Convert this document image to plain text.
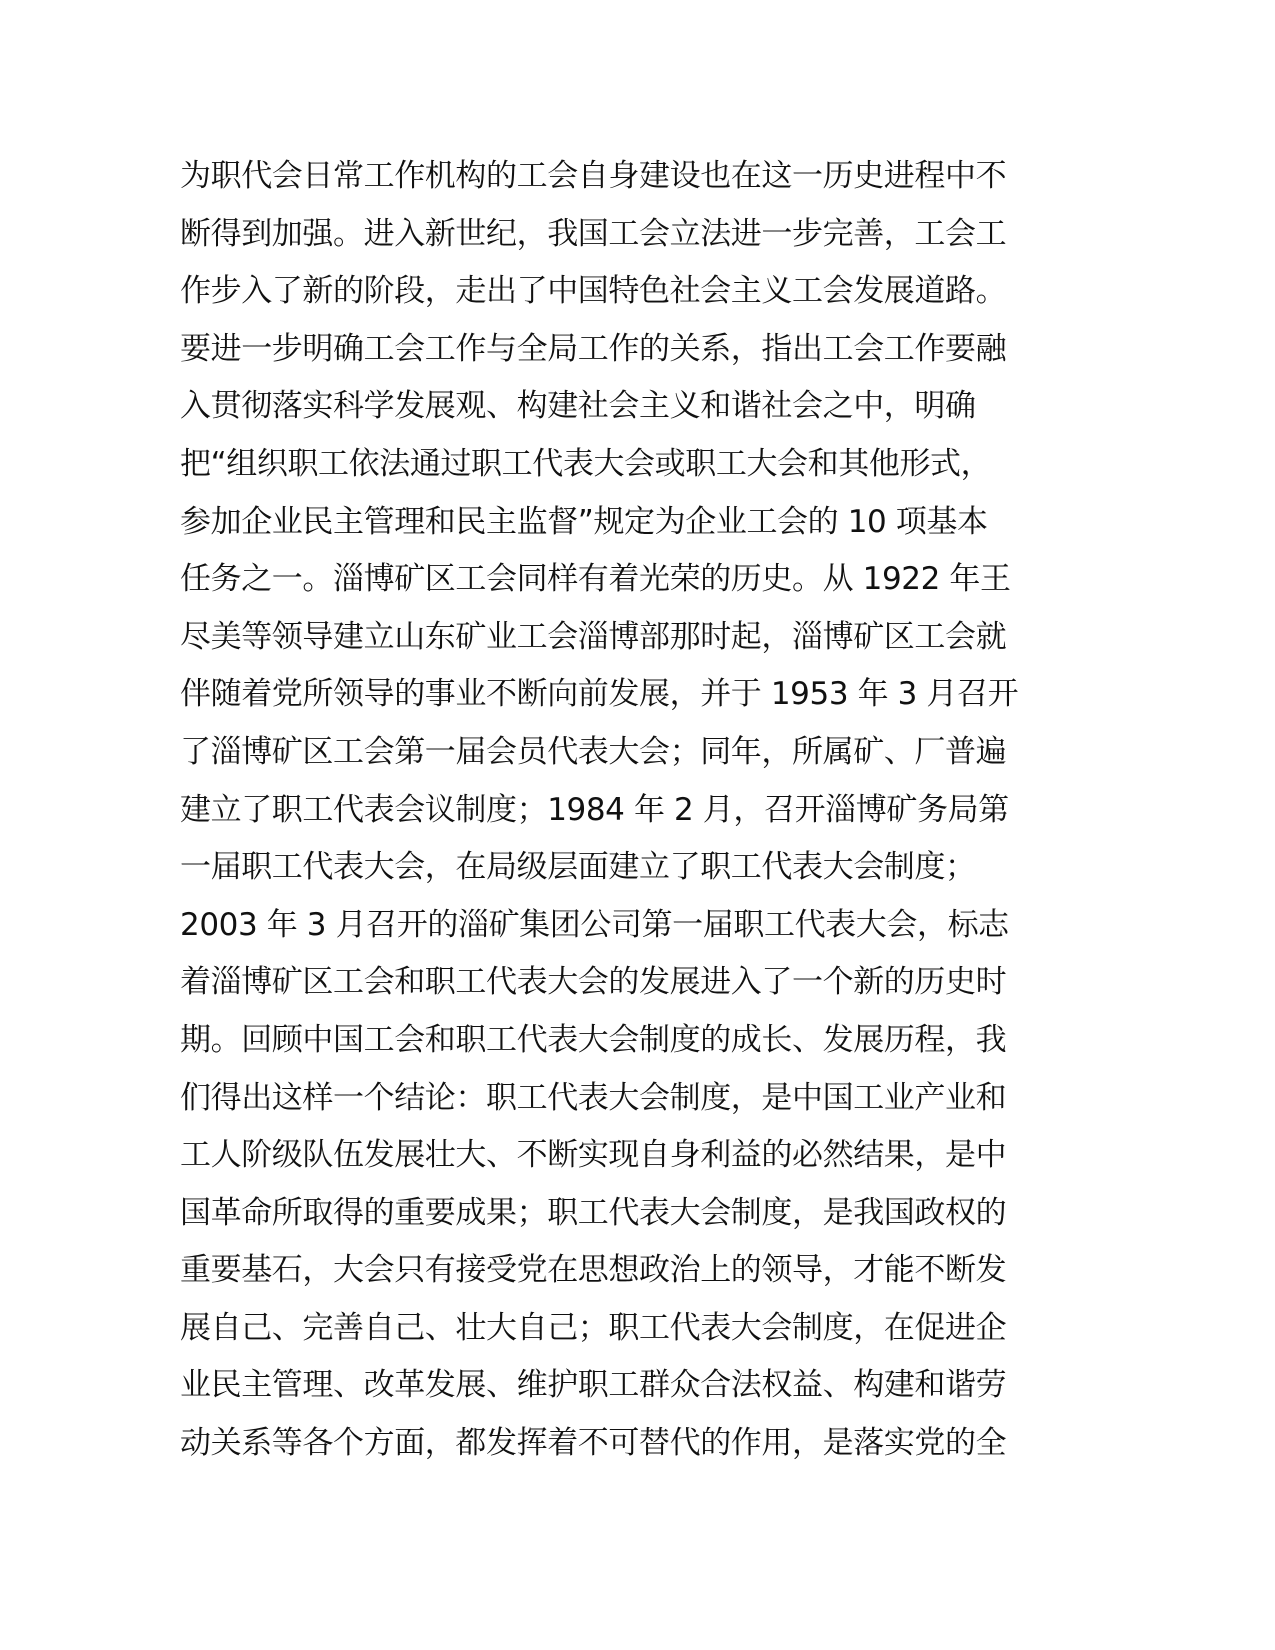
为职代会日常工作机构的工会自身建设也在这一历史进程中不
断得到加强。进入新世纪，我国工会立法进一步完善，工会工
作步入了新的阶段，走出了中国特色社会主义工会发展道路。
要进一步明确工会工作与全局工作的关系，指出工会工作要融
入贯彻落实科学发展观、构建社会主义和谐社会之中，明确
把“组织职工依法通过职工代表大会或职工大会和其他形式，
参加企业民主管理和民主监督”规定为企业工会的 10 项基本
任务之一。淄博矿区工会同样有着光荣的历史。从 1922 年王
尽美等领导建立山东矿业工会淄博部那时起，淄博矿区工会就
伴随着党所领导的事业不断向前发展，并于 1953 年 3 月召开
了淄博矿区工会第一届会员代表大会；同年，所属矿、厂普遍
建立了职工代表会议制度；1984 年 2 月，召开淄博矿务局第
一届职工代表大会，在局级层面建立了职工代表大会制度；
2003 年 3 月召开的淄矿集团公司第一届职工代表大会，标志
着淄博矿区工会和职工代表大会的发展进入了一个新的历史时
期。回顾中国工会和职工代表大会制度的成长、发展历程，我
们得出这样一个结论：职工代表大会制度，是中国工业产业和
工人阶级队伍发展壮大、不断实现自身利益的必然结果，是中
国革命所取得的重要成果；职工代表大会制度，是我国政权的
重要基石，大会只有接受党在思想政治上的领导，才能不断发
展自己、完善自己、壮大自己；职工代表大会制度，在促进企
业民主管理、改革发展、维护职工群众合法权益、构建和谐劳
动关系等各个方面，都发挥着不可替代的作用，是落实党的全
